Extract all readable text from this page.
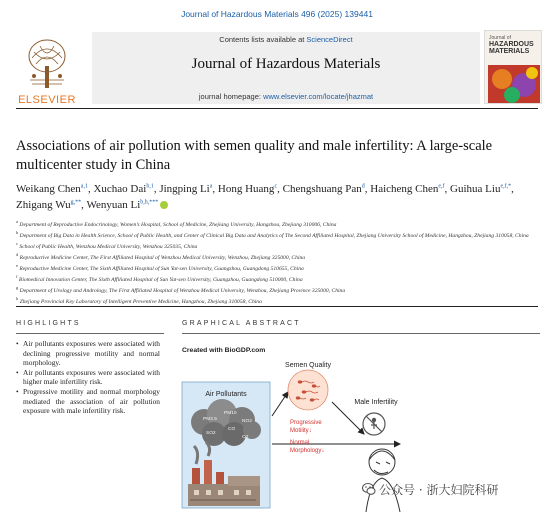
Journal of Hazardous Materials 496 (2025) 139441
ELSEVIER
Contents lists available at ScienceDirect
Journal of Hazardous Materials
journal homepage: www.elsevier.com/locate/jhazmat
Journal of
HAZARDOUS
MATERIALS
Associations of air pollution with semen quality and male infertility: A large-scale multicenter study in China
Weikang Chen$^{a,1}$, Xuchao Dai$^{b,1}$, Jingping Li$^a$, Hong Huang$^c$, Chengshuang Pan$^d$, Haicheng Chen$^{e,f}$, Guihua Liu$^{e,f,*}$, Zhigang $Wu^{g,**}$, Wenyuan $Li^{b,h,***}$
$^a$ Department of Reproductive Endocrinology, Women’s Hospital, School of Medicine, Zhejiang University, Hangzhou, Zhejiang 310006, China
$^b$ Department of Big Data in Health Science, School of Public Health, and Center of Clinical Big Data and Analytics of The Second Affiliated Hospital, Zhejiang University School of Medicine, Hangzhou, Zhejiang 310058, China
$^c$ School of Public Health, Wenzhou Medical University, Wenzhou 325035, China
$^d$ Reproductive Medicine Center, The First Affiliated Hospital of Wenzhou Medical University, Wenzhou, Zhejiang 325000, China
$^e$ Reproductive Medicine Center, The Sixth Affiliated Hospital of Sun Yat-sen University, Guangzhou, Guangdong 510655, China
$^f$ Biomedical Innovation Center, The Sixth Affiliated Hospital of Sun Yat-sen University, Guangzhou, Guangdong 510000, China
$^g$ Department of Urology and Andrology, The First Affiliated Hospital of Wenzhou Medical University, Wenzhou, Zhejiang Province 325000, China
$^h$ Zhejiang Provincial Key Laboratory of Intelligent Preventive Medicine, Hangzhou, Zhejiang 310058, China
HIGHLIGHTS
• Air pollutants exposures were associated with declining progressive motility and normal morphology.
• Air pollutants exposures were associated with higher male infertility risk.
• Progressive motility and normal morphology mediated the association of air pollution exposure with male infertility risk.
GRAPHICAL ABSTRACT
Created with BioGDP.com
Air Pollutants
PM2.5
PM10
NO2
SO2
CO
O3
Semen Quality
Progressive
Motility↓
Normal
Morphology↓
Male Infertility
公众号 · 浙大妇院科研
